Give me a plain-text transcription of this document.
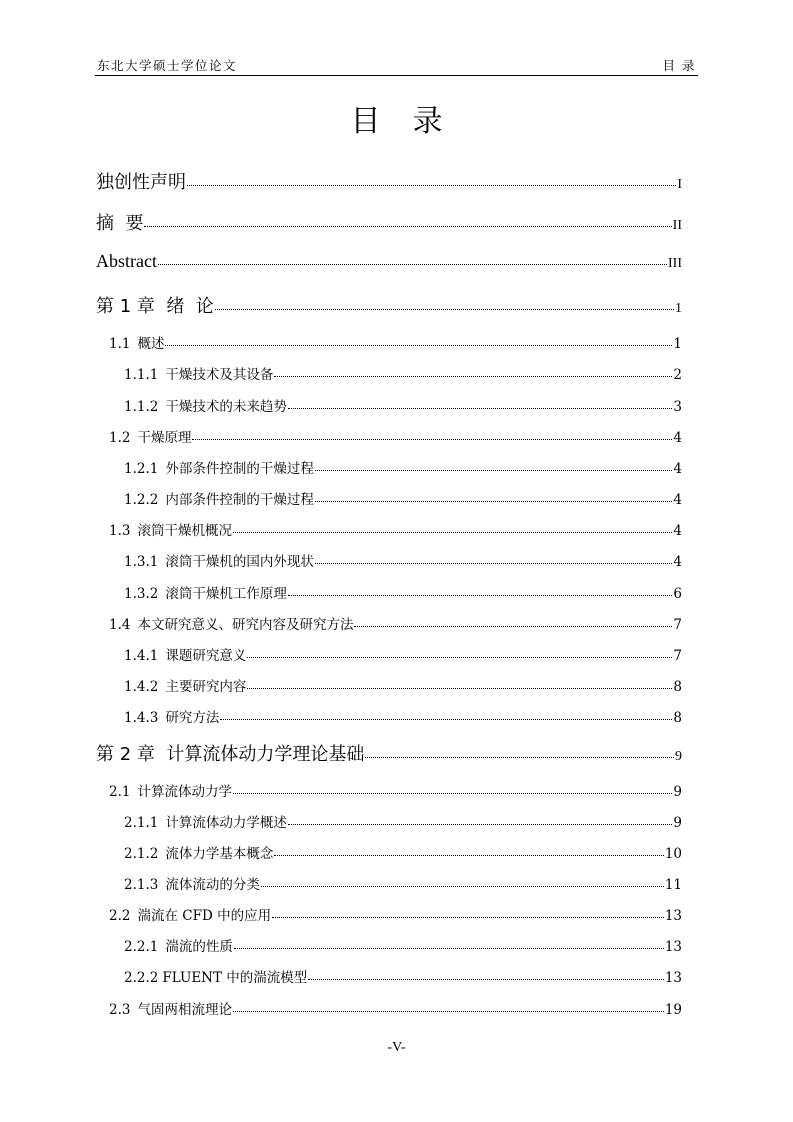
东北大学硕士学位论文	目 录
目录
独创性声明	I
摘  要	II
Abstract	III
第 1 章  绪  论	1
1.1 概述	1
1.1.1 干燥技术及其设备	2
1.1.2 干燥技术的未来趋势	3
1.2 干燥原理	4
1.2.1 外部条件控制的干燥过程	4
1.2.2 内部条件控制的干燥过程	4
1.3 滚筒干燥机概况	4
1.3.1 滚筒干燥机的国内外现状	4
1.3.2 滚筒干燥机工作原理	6
1.4 本文研究意义、研究内容及研究方法	7
1.4.1 课题研究意义	7
1.4.2 主要研究内容	8
1.4.3 研究方法	8
第 2 章  计算流体动力学理论基础	9
2.1 计算流体动力学	9
2.1.1 计算流体动力学概述	9
2.1.2 流体力学基本概念	10
2.1.3 流体流动的分类	11
2.2 湍流在 CFD 中的应用	13
2.2.1 湍流的性质	13
2.2.2 FLUENT 中的湍流模型	13
2.3 气固两相流理论	19
-V-
